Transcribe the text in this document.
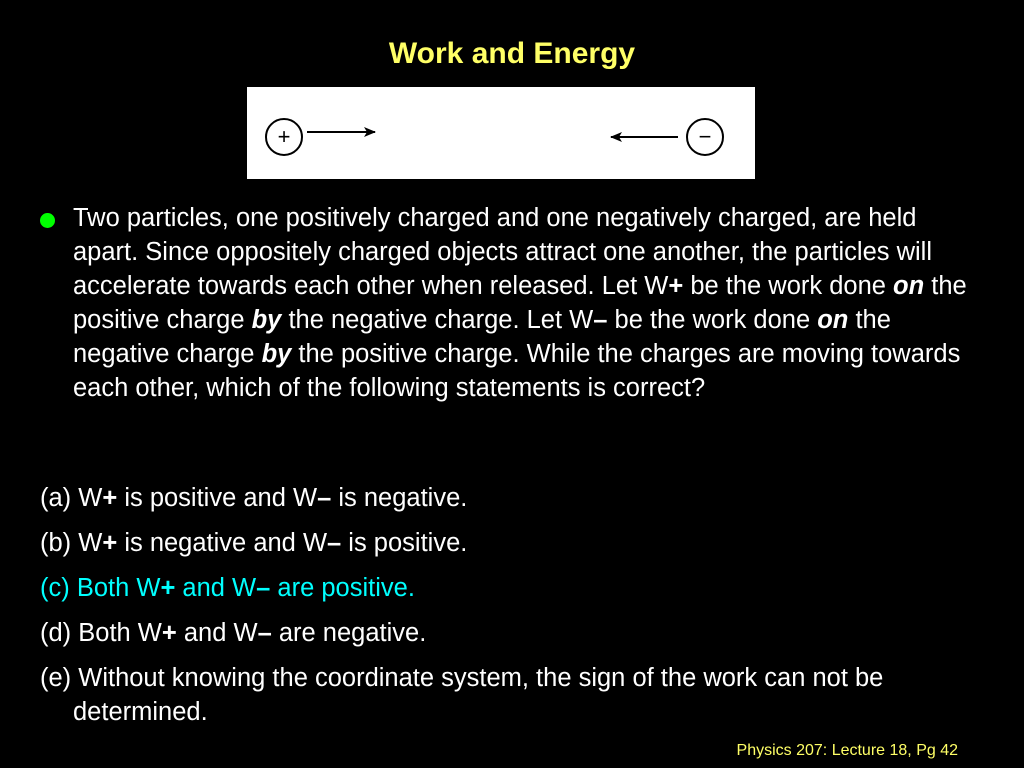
Work and Energy
+	−
Two particles, one positively charged and one negatively charged, are held apart. Since oppositely charged objects attract one another, the particles will accelerate towards each other when released. Let W+ be the work done on the positive charge by the negative charge. Let W– be the work done on the negative charge by the positive charge. While the charges are moving towards each other, which of the following statements is correct?
(a) W+ is positive and W– is negative.
(b) W+ is negative and W– is positive.
(c) Both W+ and W– are positive.
(d) Both W+ and W– are negative.
(e) Without knowing the coordinate system, the sign of the work can not be determined.
Physics 207: Lecture 18, Pg 42
